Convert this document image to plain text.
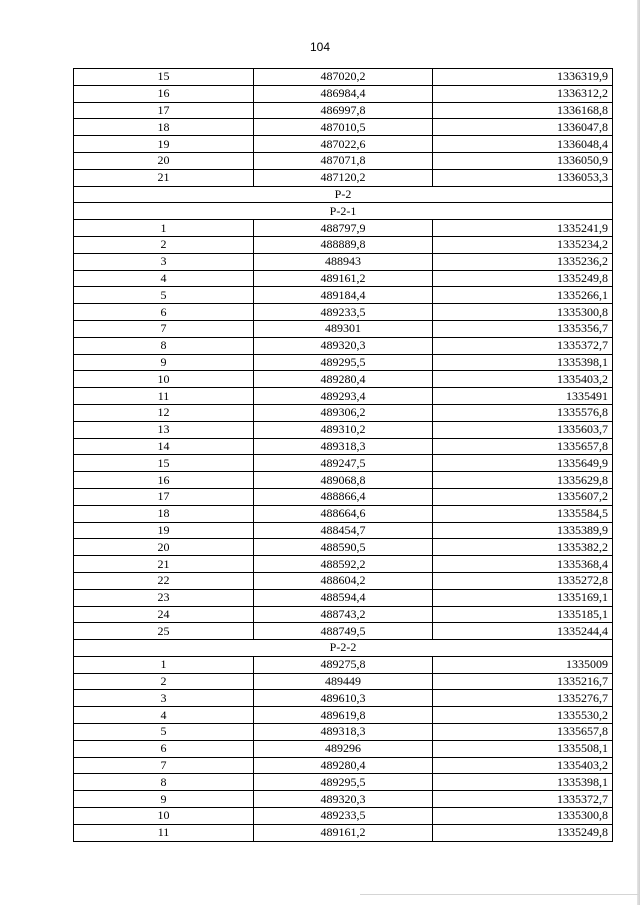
104
15	487020,2	1336319,9
16	486984,4	1336312,2
17	486997,8	1336168,8
18	487010,5	1336047,8
19	487022,6	1336048,4
20	487071,8	1336050,9
21	487120,2	1336053,3
P-2		
P-2-1		
1	488797,9	1335241,9
2	488889,8	1335234,2
3	488943	1335236,2
4	489161,2	1335249,8
5	489184,4	1335266,1
6	489233,5	1335300,8
7	489301	1335356,7
8	489320,3	1335372,7
9	489295,5	1335398,1
10	489280,4	1335403,2
11	489293,4	1335491
12	489306,2	1335576,8
13	489310,2	1335603,7
14	489318,3	1335657,8
15	489247,5	1335649,9
16	489068,8	1335629,8
17	488866,4	1335607,2
18	488664,6	1335584,5
19	488454,7	1335389,9
20	488590,5	1335382,2
21	488592,2	1335368,4
22	488604,2	1335272,8
23	488594,4	1335169,1
24	488743,2	1335185,1
25	488749,5	1335244,4
P-2-2		
1	489275,8	1335009
2	489449	1335216,7
3	489610,3	1335276,7
4	489619,8	1335530,2
5	489318,3	1335657,8
6	489296	1335508,1
7	489280,4	1335403,2
8	489295,5	1335398,1
9	489320,3	1335372,7
10	489233,5	1335300,8
11	489161,2	1335249,8
